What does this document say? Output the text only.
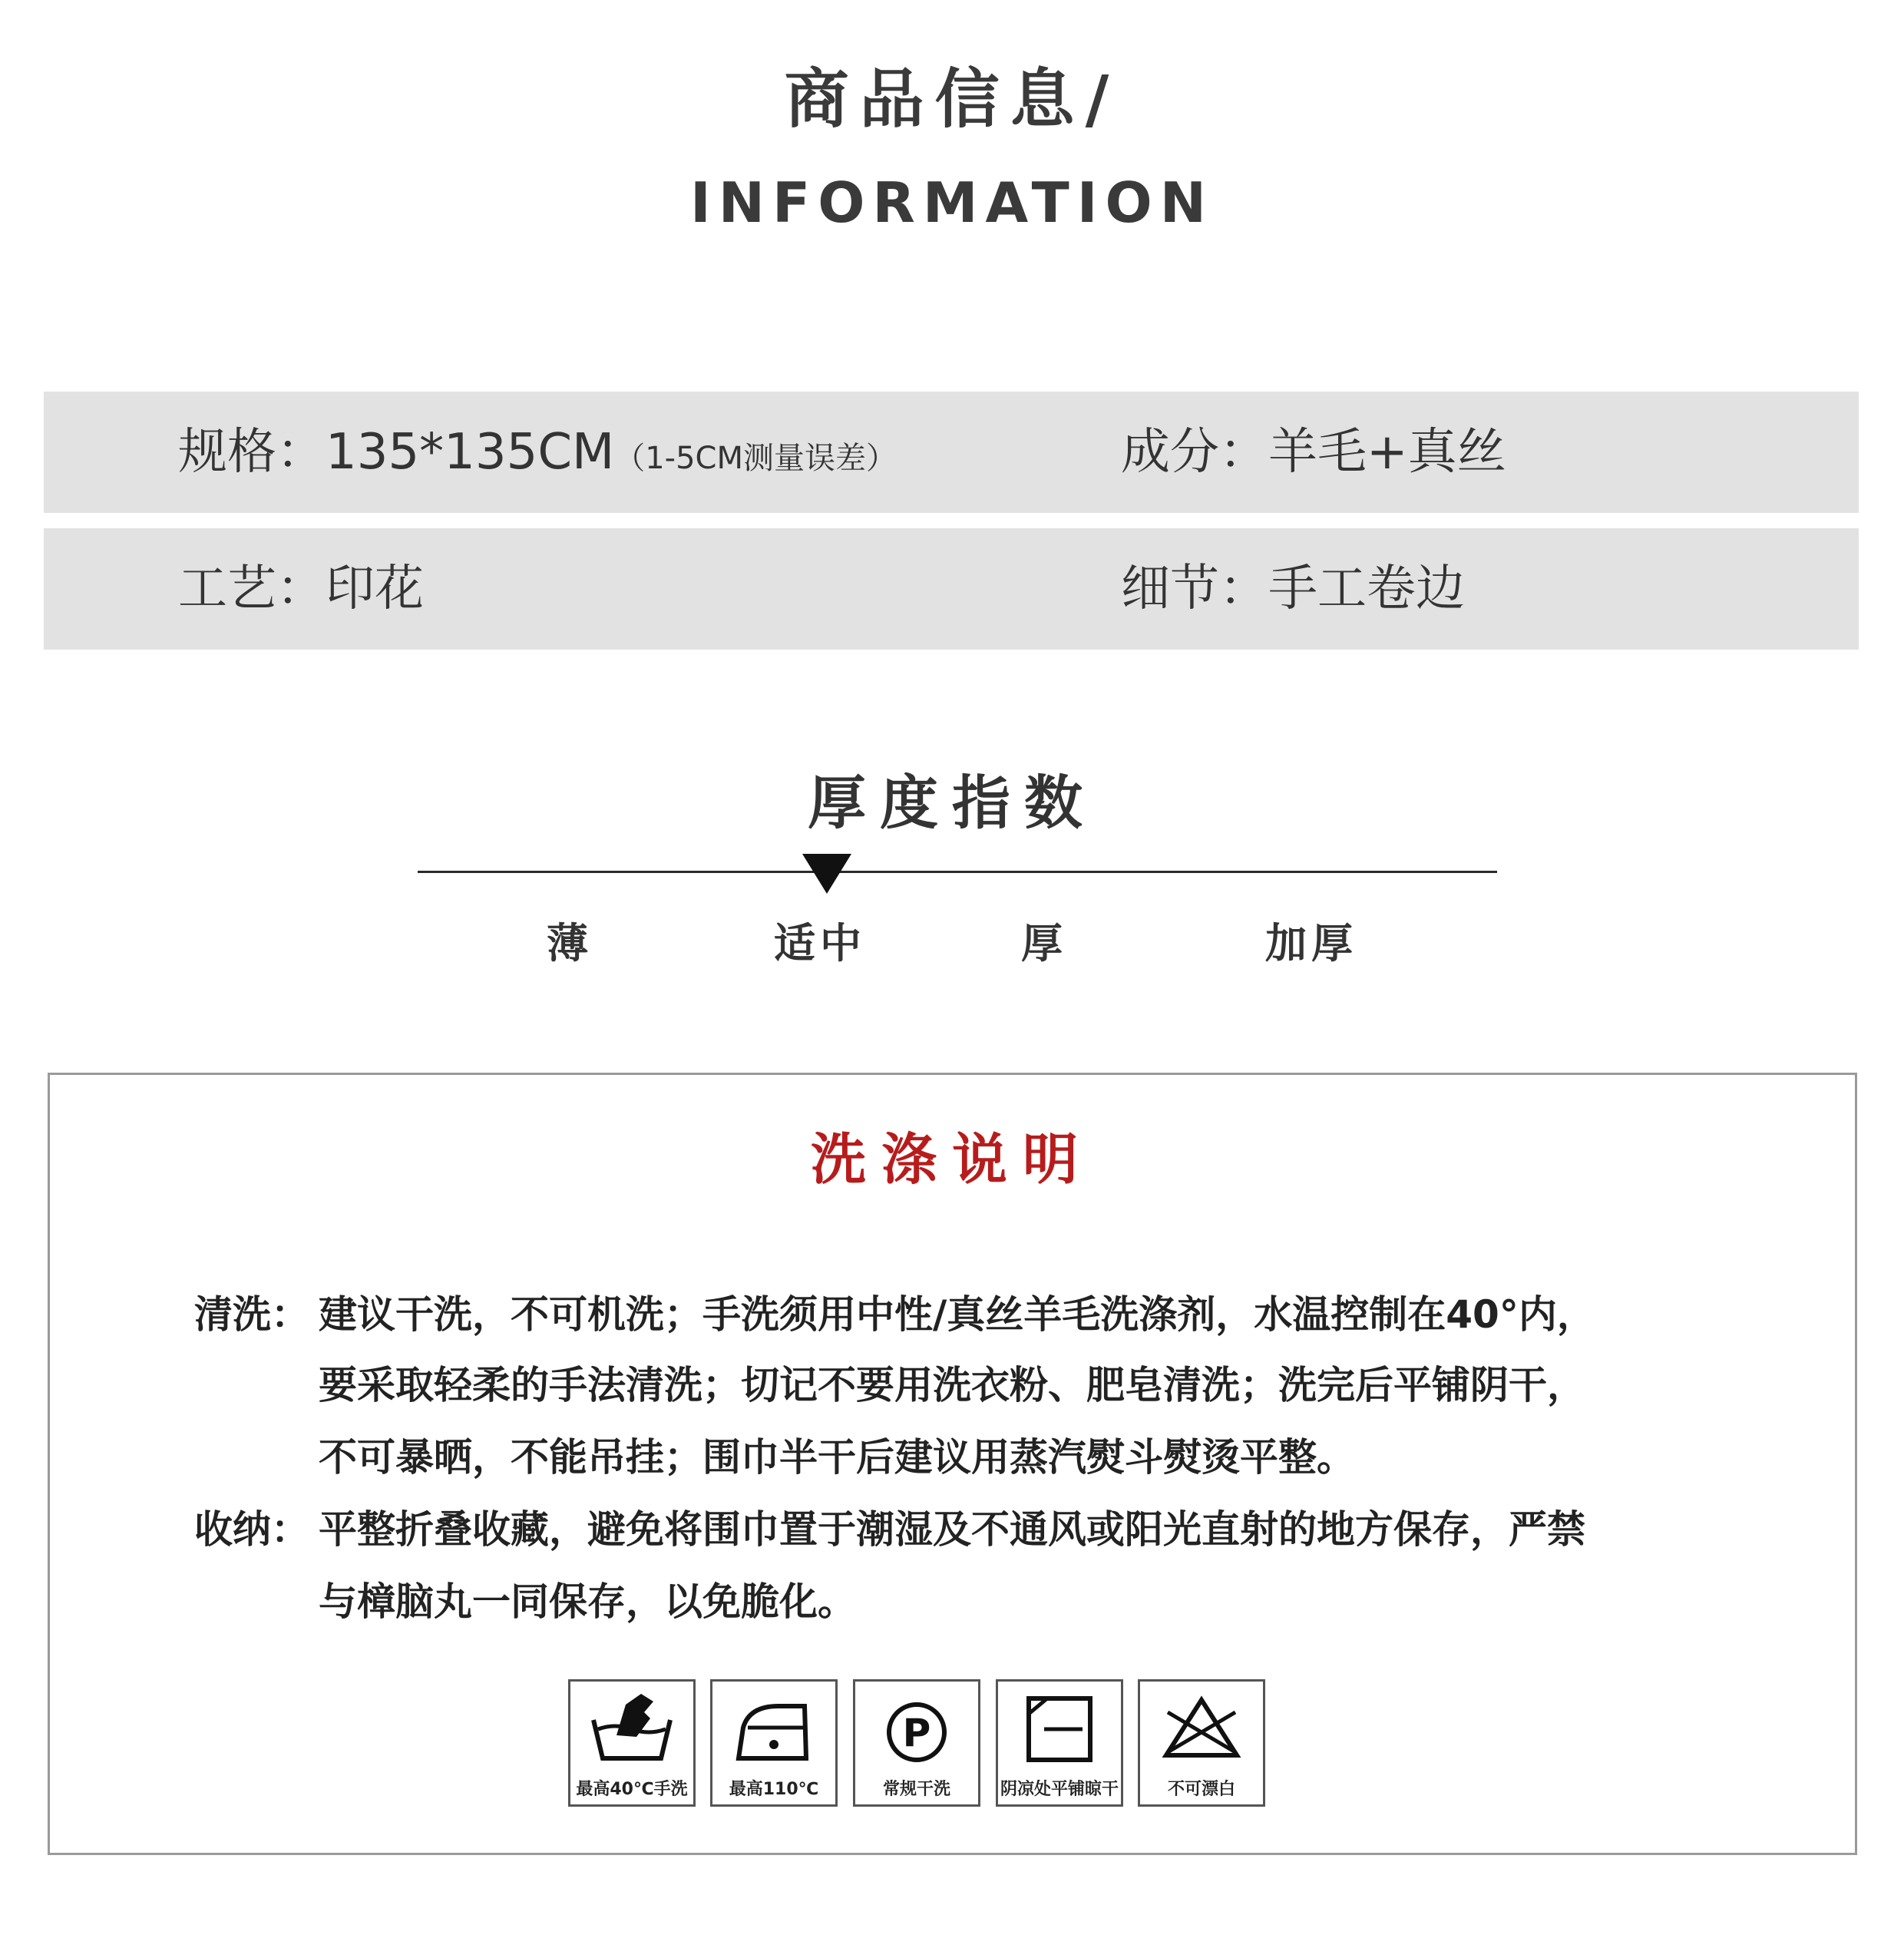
商品信息/
INFORMATION
规格：135*135CM（1-5CM测量误差）	成分：羊毛+真丝
工艺：印花	细节：手工卷边
厚度指数
薄	适中	厚	加厚
洗涤说明
清洗： 建议干洗，不可机洗；手洗须用中性/真丝羊毛洗涤剂，水温控制在40°内，
要采取轻柔的手法清洗；切记不要用洗衣粉、肥皂清洗；洗完后平铺阴干，
不可暴晒，不能吊挂；围巾半干后建议用蒸汽熨斗熨烫平整。
收纳： 平整折叠收藏，避免将围巾置于潮湿及不通风或阳光直射的地方保存，严禁
与樟脑丸一同保存，以免脆化。
最高40℃手洗	最高110℃
P
常规干洗	阴凉处平铺晾干	不可漂白
